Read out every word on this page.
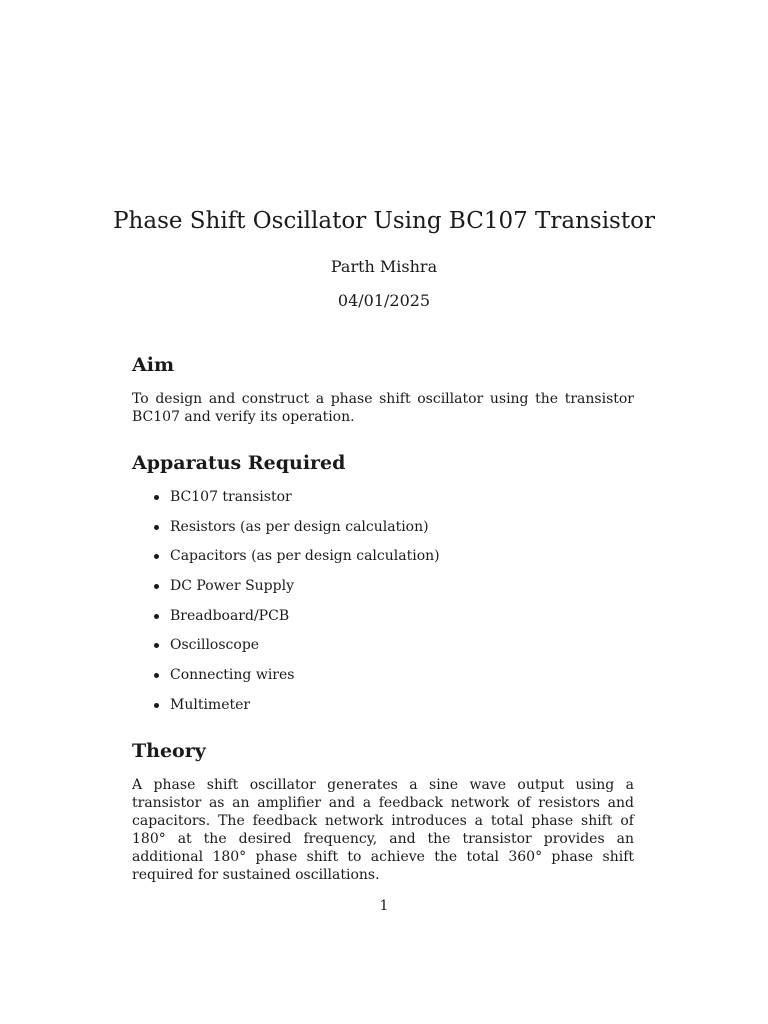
Phase Shift Oscillator Using BC107 Transistor
Parth Mishra
04/01/2025
Aim

To design and construct a phase shift oscillator using the transistor BC107 and verify its operation.

Apparatus Required
BC107 transistor
Resistors (as per design calculation)
Capacitors (as per design calculation)
DC Power Supply
Breadboard/PCB
Oscilloscope
Connecting wires
Multimeter
Theory

A phase shift oscillator generates a sine wave output using a transistor as an amplifier and a feedback network of resistors and capacitors. The feedback network introduces a total phase shift of 180° at the desired frequency, and the transistor provides an additional 180° phase shift to achieve the total 360° phase shift required for sustained oscillations.

1
